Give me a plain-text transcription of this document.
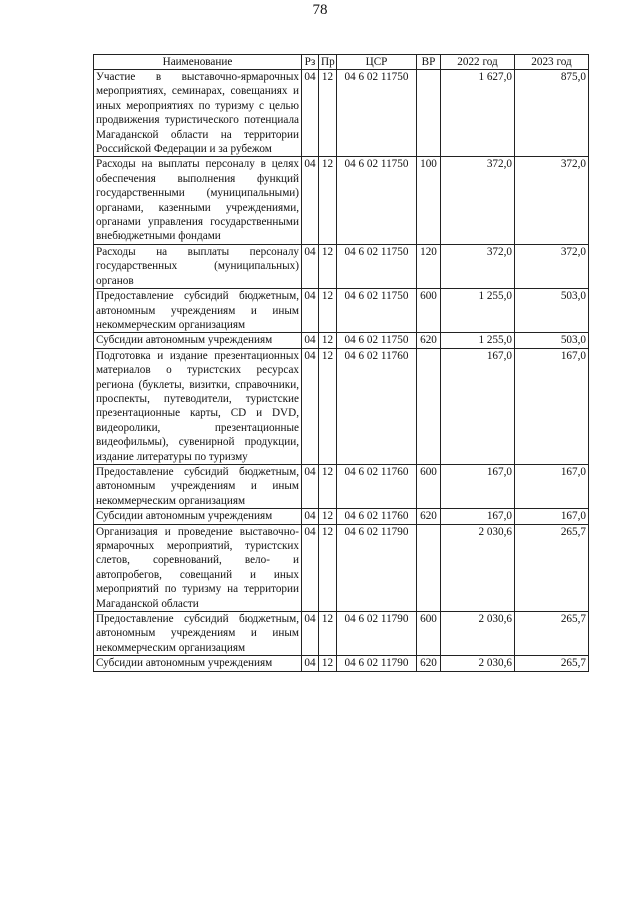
78
Наименование	Рз	Пр	ЦСР	ВР	2022 год	2023 год
Участие в выставочно-ярмарочных мероприятиях, семинарах, совещаниях и иных мероприятиях по туризму с целью продвижения туристического потенциала Магаданской области на территории Российской Федерации и за рубежом	04	12	04 6 02 11750		1 627,0	875,0
Расходы на выплаты персоналу в целях обеспечения выполнения функций государственными (муниципальными) органами, казенными учреждениями, органами управления государственными внебюджетными фондами	04	12	04 6 02 11750	100	372,0	372,0
Расходы на выплаты персоналу государственных (муниципальных) органов	04	12	04 6 02 11750	120	372,0	372,0
Предоставление субсидий бюджетным, автономным учреждениям и иным некоммерческим организациям	04	12	04 6 02 11750	600	1 255,0	503,0
Субсидии автономным учреждениям	04	12	04 6 02 11750	620	1 255,0	503,0
Подготовка и издание презентационных материалов о туристских ресурсах региона (буклеты, визитки, справочники, проспекты, путеводители, туристские презентационные карты, CD и DVD, видеоролики, презентационные видеофильмы), сувенирной продукции, издание литературы по туризму	04	12	04 6 02 11760		167,0	167,0
Предоставление субсидий бюджетным, автономным учреждениям и иным некоммерческим организациям	04	12	04 6 02 11760	600	167,0	167,0
Субсидии автономным учреждениям	04	12	04 6 02 11760	620	167,0	167,0
Организация и проведение выставочно-ярмарочных мероприятий, туристских слетов, соревнований, вело- и автопробегов, совещаний и иных мероприятий по туризму на территории Магаданской области	04	12	04 6 02 11790		2 030,6	265,7
Предоставление субсидий бюджетным, автономным учреждениям и иным некоммерческим организациям	04	12	04 6 02 11790	600	2 030,6	265,7
Субсидии автономным учреждениям	04	12	04 6 02 11790	620	2 030,6	265,7
